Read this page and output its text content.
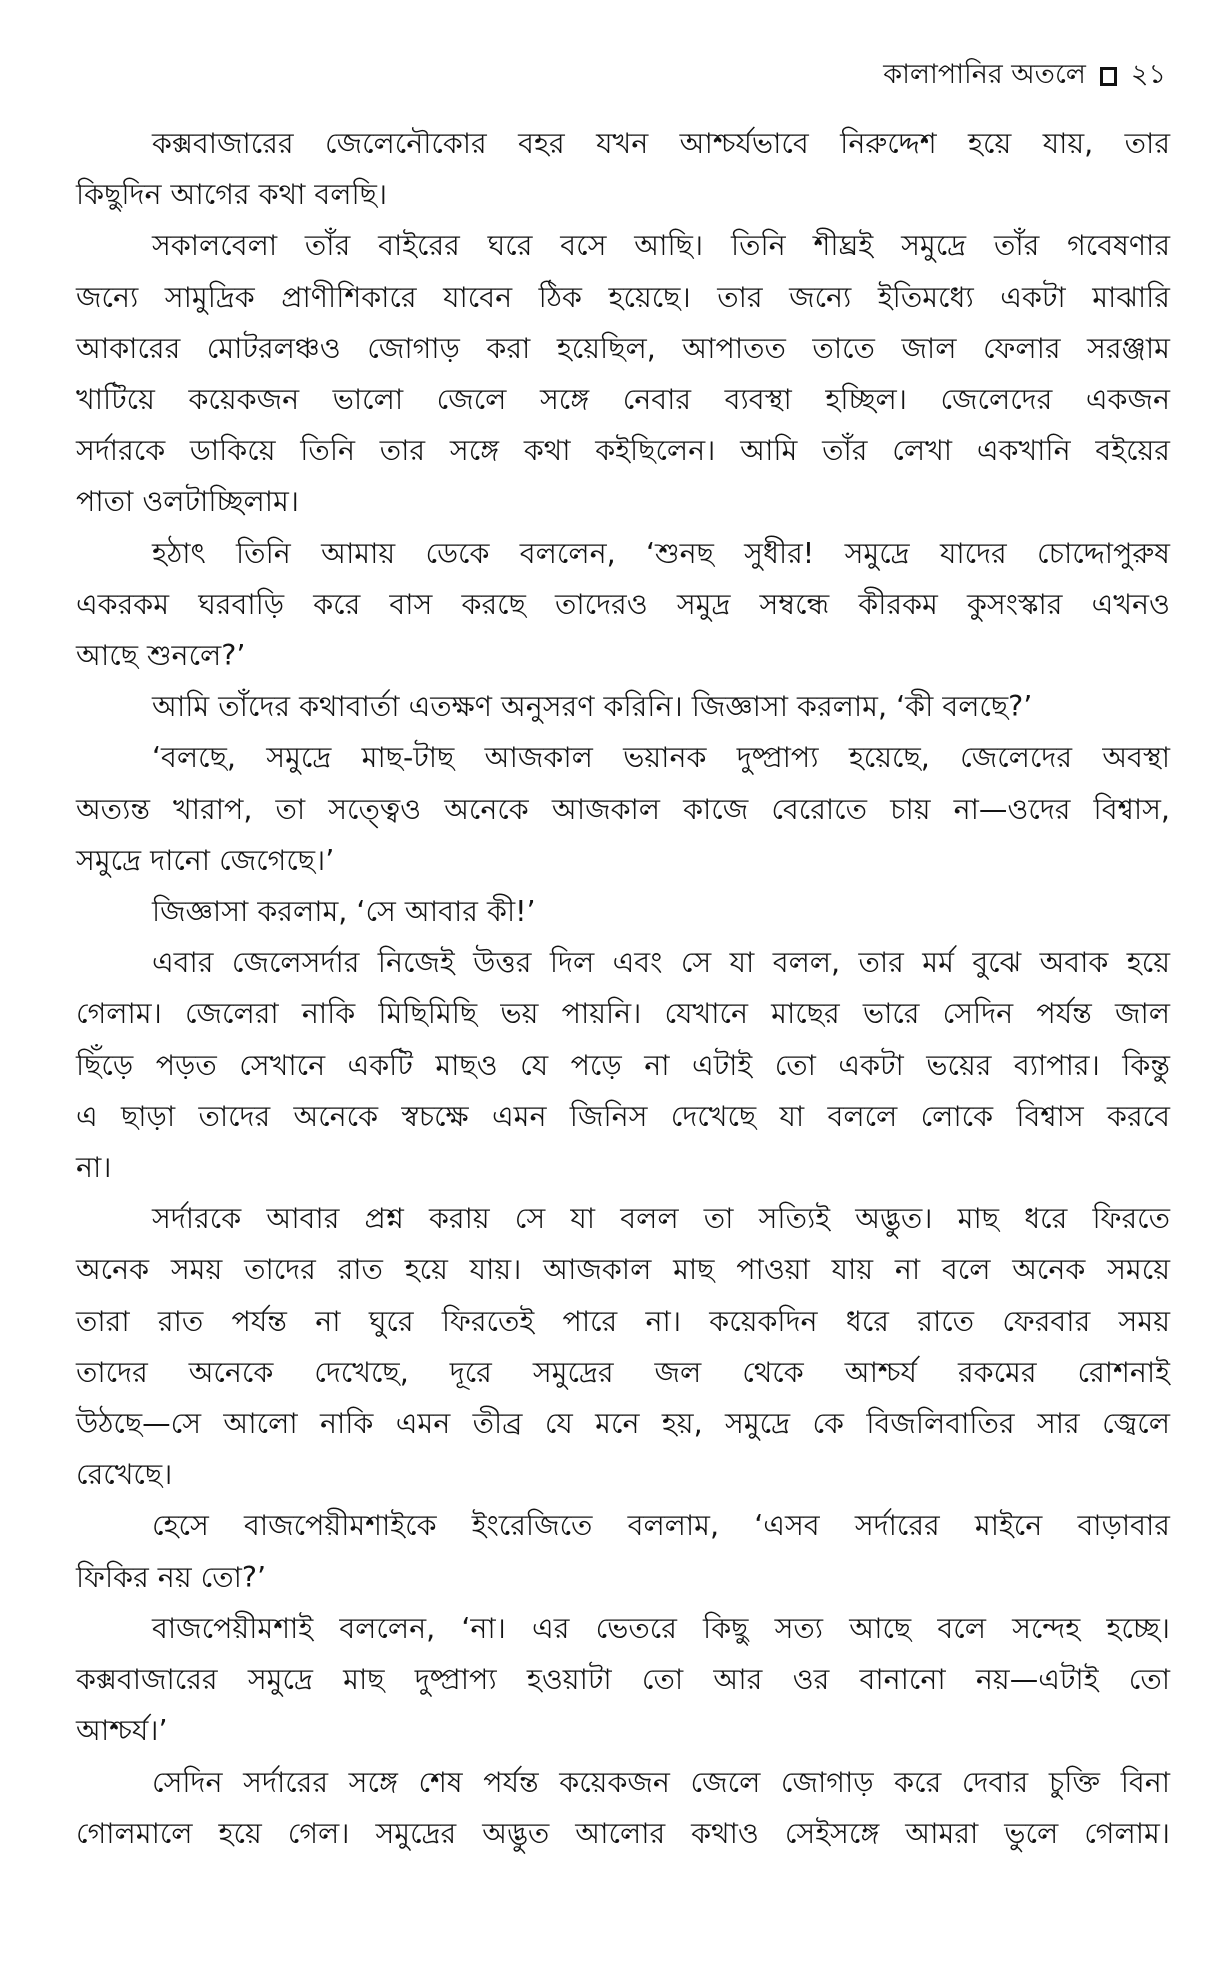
কালাপানির অতলে ২১
কক্সবাজারের জেলেনৌকোর বহর যখন আশ্চর্যভাবে নিরুদ্দেশ হয়ে যায়, তার
কিছুদিন আগের কথা বলছি।
সকালবেলা তাঁর বাইরের ঘরে বসে আছি। তিনি শীঘ্রই সমুদ্রে তাঁর গবেষণার
জন্যে সামুদ্রিক প্রাণীশিকারে যাবেন ঠিক হয়েছে। তার জন্যে ইতিমধ্যে একটা মাঝারি
আকারের মোটরলঞ্চও জোগাড় করা হয়েছিল, আপাতত তাতে জাল ফেলার সরঞ্জাম
খাটিয়ে কয়েকজন ভালো জেলে সঙ্গে নেবার ব্যবস্থা হচ্ছিল। জেলেদের একজন
সর্দারকে ডাকিয়ে তিনি তার সঙ্গে কথা কইছিলেন। আমি তাঁর লেখা একখানি বইয়ের
পাতা ওলটাচ্ছিলাম।
হঠাৎ তিনি আমায় ডেকে বললেন, ‘শুনছ সুধীর! সমুদ্রে যাদের চোদ্দোপুরুষ
একরকম ঘরবাড়ি করে বাস করছে তাদেরও সমুদ্র সম্বন্ধে কীরকম কুসংস্কার এখনও
আছে শুনলে?’
আমি তাঁদের কথাবার্তা এতক্ষণ অনুসরণ করিনি। জিজ্ঞাসা করলাম, ‘কী বলছে?’
‘বলছে, সমুদ্রে মাছ-টাছ আজকাল ভয়ানক দুষ্প্রাপ্য হয়েছে, জেলেদের অবস্থা
অত্যন্ত খারাপ, তা সত্ত্বেও অনেকে আজকাল কাজে বেরোতে চায় না—ওদের বিশ্বাস,
সমুদ্রে দানো জেগেছে।’
জিজ্ঞাসা করলাম, ‘সে আবার কী!’
এবার জেলেসর্দার নিজেই উত্তর দিল এবং সে যা বলল, তার মর্ম বুঝে অবাক হয়ে
গেলাম। জেলেরা নাকি মিছিমিছি ভয় পায়নি। যেখানে মাছের ভারে সেদিন পর্যন্ত জাল
ছিঁড়ে পড়ত সেখানে একটি মাছও যে পড়ে না এটাই তো একটা ভয়ের ব্যাপার। কিন্তু
এ ছাড়া তাদের অনেকে স্বচক্ষে এমন জিনিস দেখেছে যা বললে লোকে বিশ্বাস করবে
না।
সর্দারকে আবার প্রশ্ন করায় সে যা বলল তা সত্যিই অদ্ভুত। মাছ ধরে ফিরতে
অনেক সময় তাদের রাত হয়ে যায়। আজকাল মাছ পাওয়া যায় না বলে অনেক সময়ে
তারা রাত পর্যন্ত না ঘুরে ফিরতেই পারে না। কয়েকদিন ধরে রাতে ফেরবার সময়
তাদের অনেকে দেখেছে, দূরে সমুদ্রের জল থেকে আশ্চর্য রকমের রোশনাই
উঠছে—সে আলো নাকি এমন তীব্র যে মনে হয়, সমুদ্রে কে বিজলিবাতির সার জ্বেলে
রেখেছে।
হেসে বাজপেয়ীমশাইকে ইংরেজিতে বললাম, ‘এসব সর্দারের মাইনে বাড়াবার
ফিকির নয় তো?’
বাজপেয়ীমশাই বললেন, ‘না। এর ভেতরে কিছু সত্য আছে বলে সন্দেহ হচ্ছে।
কক্সবাজারের সমুদ্রে মাছ দুষ্প্রাপ্য হওয়াটা তো আর ওর বানানো নয়—এটাই তো
আশ্চর্য।’
সেদিন সর্দারের সঙ্গে শেষ পর্যন্ত কয়েকজন জেলে জোগাড় করে দেবার চুক্তি বিনা
গোলমালে হয়ে গেল। সমুদ্রের অদ্ভুত আলোর কথাও সেইসঙ্গে আমরা ভুলে গেলাম।
